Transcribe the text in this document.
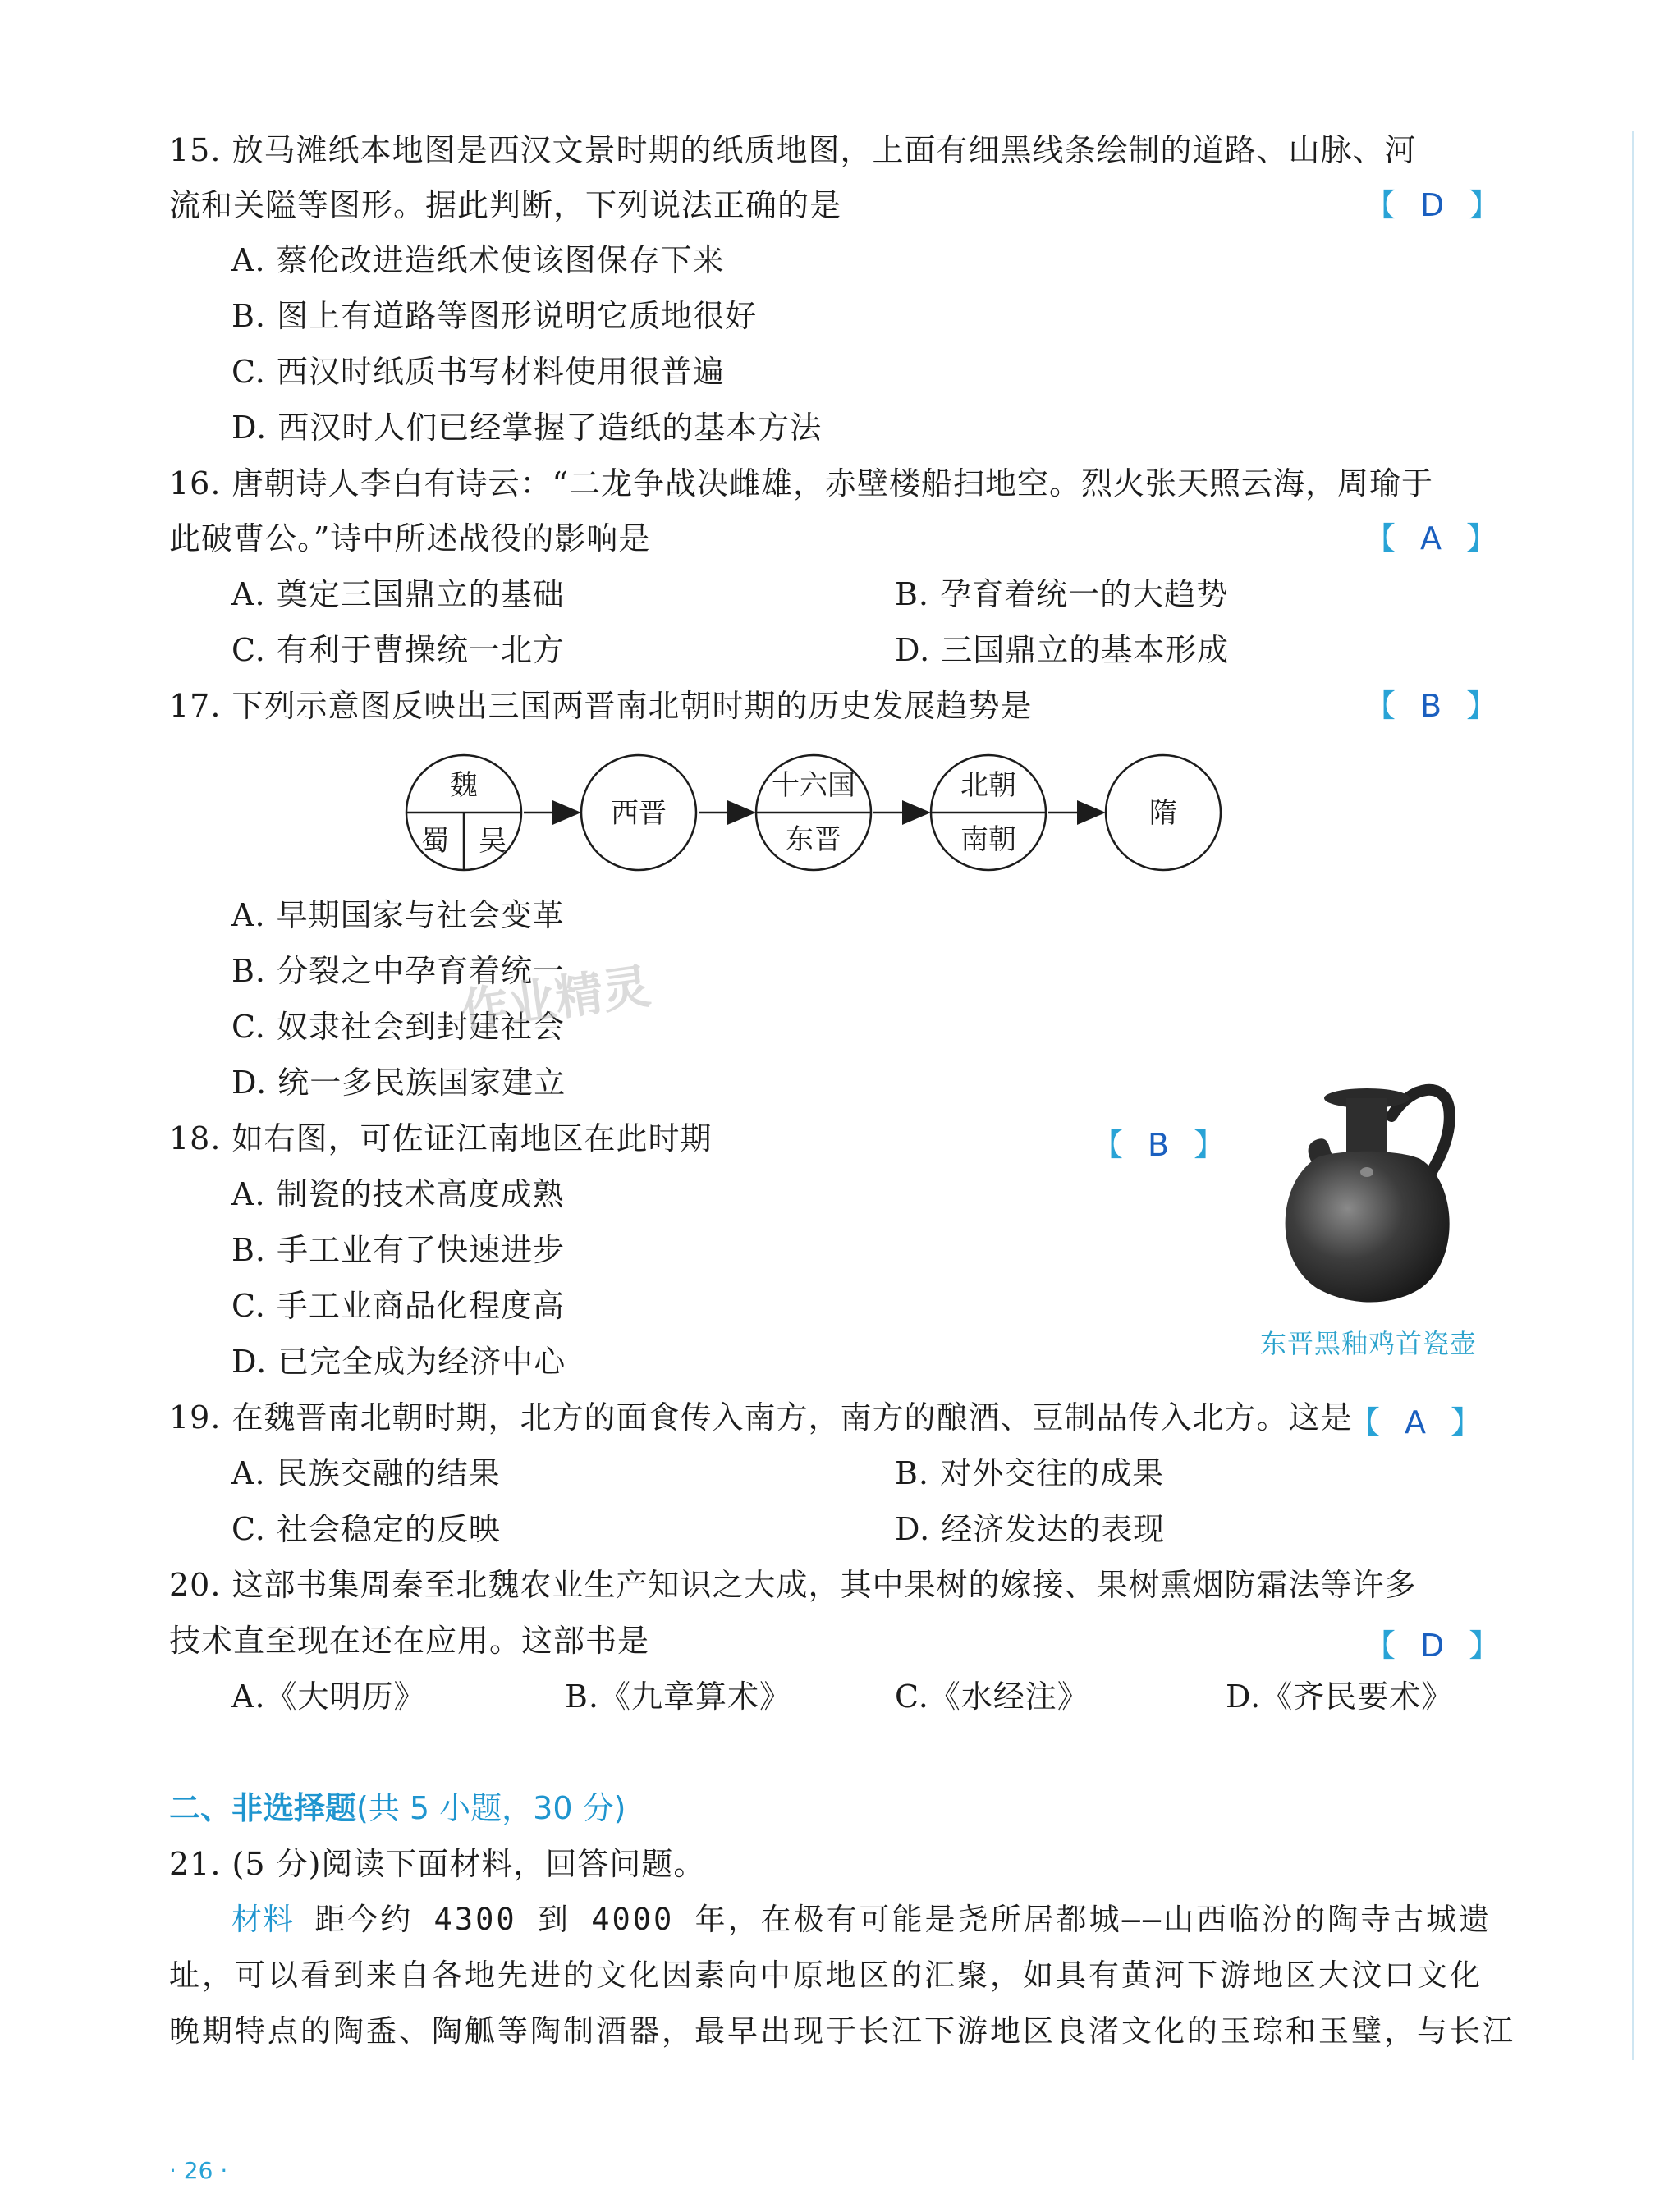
15. 放马滩纸本地图是西汉文景时期的纸质地图，上面有细黑线条绘制的道路、山脉、河
流和关隘等图形。据此判断，下列说法正确的是	【 D 】
A. 蔡伦改进造纸术使该图保存下来
B. 图上有道路等图形说明它质地很好
C. 西汉时纸质书写材料使用很普遍
D. 西汉时人们已经掌握了造纸的基本方法
16. 唐朝诗人李白有诗云：“二龙争战决雌雄，赤壁楼船扫地空。烈火张天照云海，周瑜于
此破曹公。”诗中所述战役的影响是	【 A 】
A. 奠定三国鼎立的基础	B. 孕育着统一的大趋势
C. 有利于曹操统一北方	D. 三国鼎立的基本形成
17. 下列示意图反映出三国两晋南北朝时期的历史发展趋势是	【 B 】
魏
蜀 吴
西晋
十六国
东晋
北朝
南朝
隋
A. 早期国家与社会变革
B. 分裂之中孕育着统一
C. 奴隶社会到封建社会
D. 统一多民族国家建立
作业精灵
18. 如右图，可佐证江南地区在此时期	【 B 】
A. 制瓷的技术高度成熟
B. 手工业有了快速进步
C. 手工业商品化程度高
D. 已完全成为经济中心	东晋黑釉鸡首瓷壶
19. 在魏晋南北朝时期，北方的面食传入南方，南方的酿酒、豆制品传入北方。这是
【 A 】
A. 民族交融的结果	B. 对外交往的成果
C. 社会稳定的反映	D. 经济发达的表现
20. 这部书集周秦至北魏农业生产知识之大成，其中果树的嫁接、果树熏烟防霜法等许多
技术直至现在还在应用。这部书是	【 D 】
A.《大明历》	B.《九章算术》	C.《水经注》	D.《齐民要术》
二、非选择题(共 5 小题，30 分)
21. (5 分)阅读下面材料，回答问题。
材料 距今约 4300 到 4000 年，在极有可能是尧所居都城——山西临汾的陶寺古城遗
址，可以看到来自各地先进的文化因素向中原地区的汇聚，如具有黄河下游地区大汶口文化
晚期特点的陶盉、陶觚等陶制酒器，最早出现于长江下游地区良渚文化的玉琮和玉璧，与长江
· 26 ·
